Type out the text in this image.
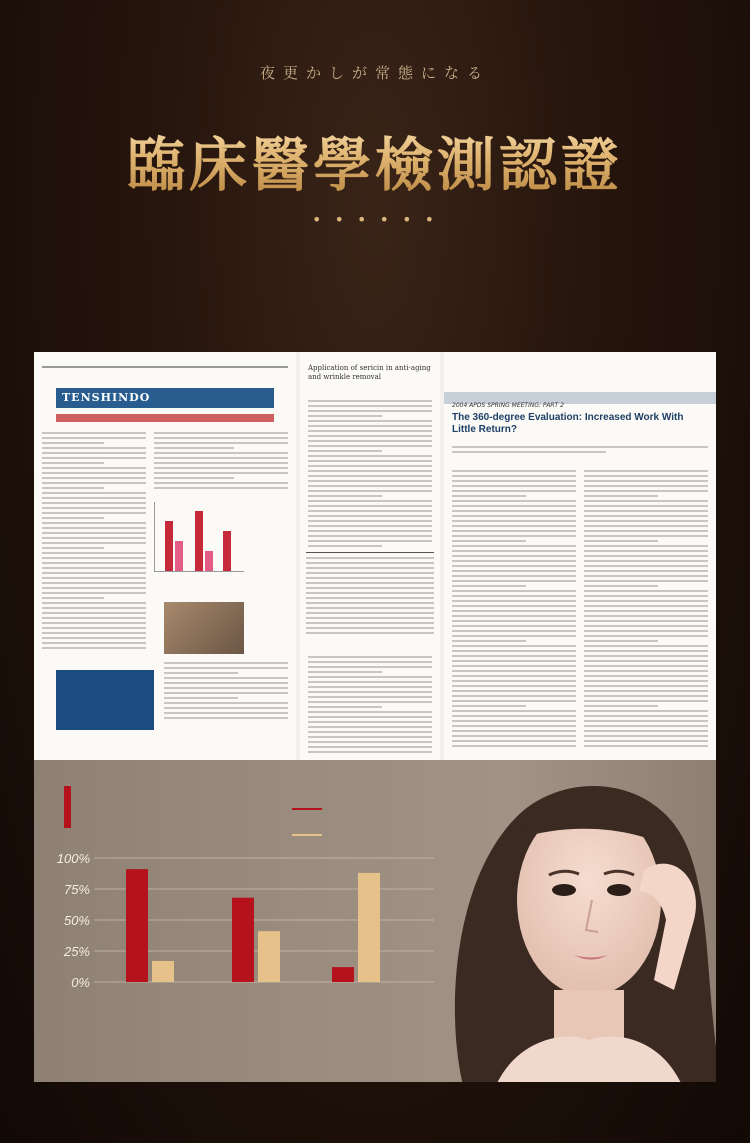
夜更かしが常態になる
臨床醫學檢測認證
• • • • • •
TENSHINDO
Application of sericin in anti-aging and wrinkle removal
2004 APDS SPRING MEETING: PART 2
The 360-degree Evaluation: Increased Work With Little Return?
100%
75%
50%
25%
0%
